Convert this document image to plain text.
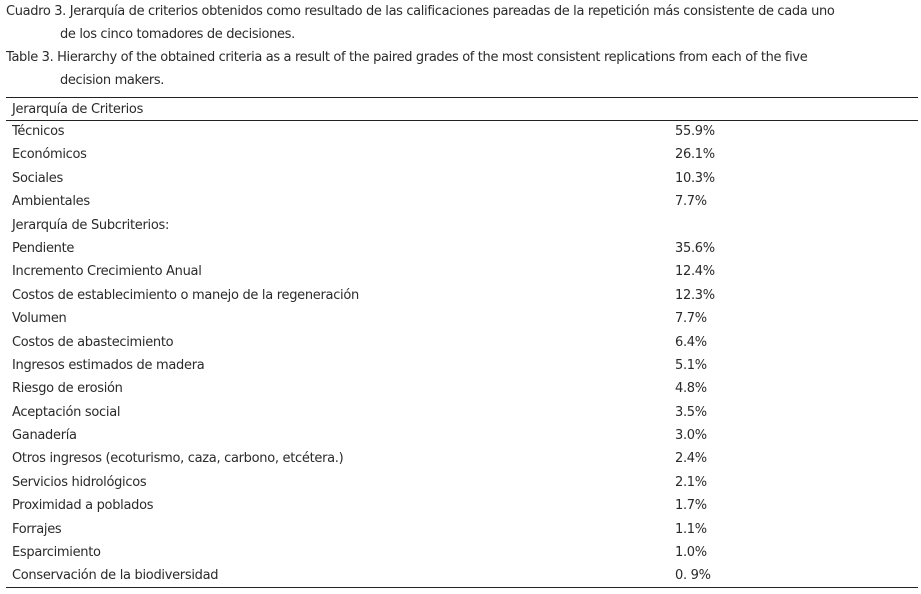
Cuadro 3. Jerarquía de criterios obtenidos como resultado de las calificaciones pareadas de la repetición más consistente de cada uno
de los cinco tomadores de decisiones.
Table 3. Hierarchy of the obtained criteria as a result of the paired grades of the most consistent replications from each of the five
decision makers.
Jerarquía de Criterios
Técnicos	55.9%
Económicos	26.1%
Sociales	10.3%
Ambientales	7.7%
Jerarquía de Subcriterios:
Pendiente	35.6%
Incremento Crecimiento Anual	12.4%
Costos de establecimiento o manejo de la regeneración	12.3%
Volumen	7.7%
Costos de abastecimiento	6.4%
Ingresos estimados de madera	5.1%
Riesgo de erosión	4.8%
Aceptación social	3.5%
Ganadería	3.0%
Otros ingresos (ecoturismo, caza, carbono, etcétera.)	2.4%
Servicios hidrológicos	2.1%
Proximidad a poblados	1.7%
Forrajes	1.1%
Esparcimiento	1.0%
Conservación de la biodiversidad	0. 9%
